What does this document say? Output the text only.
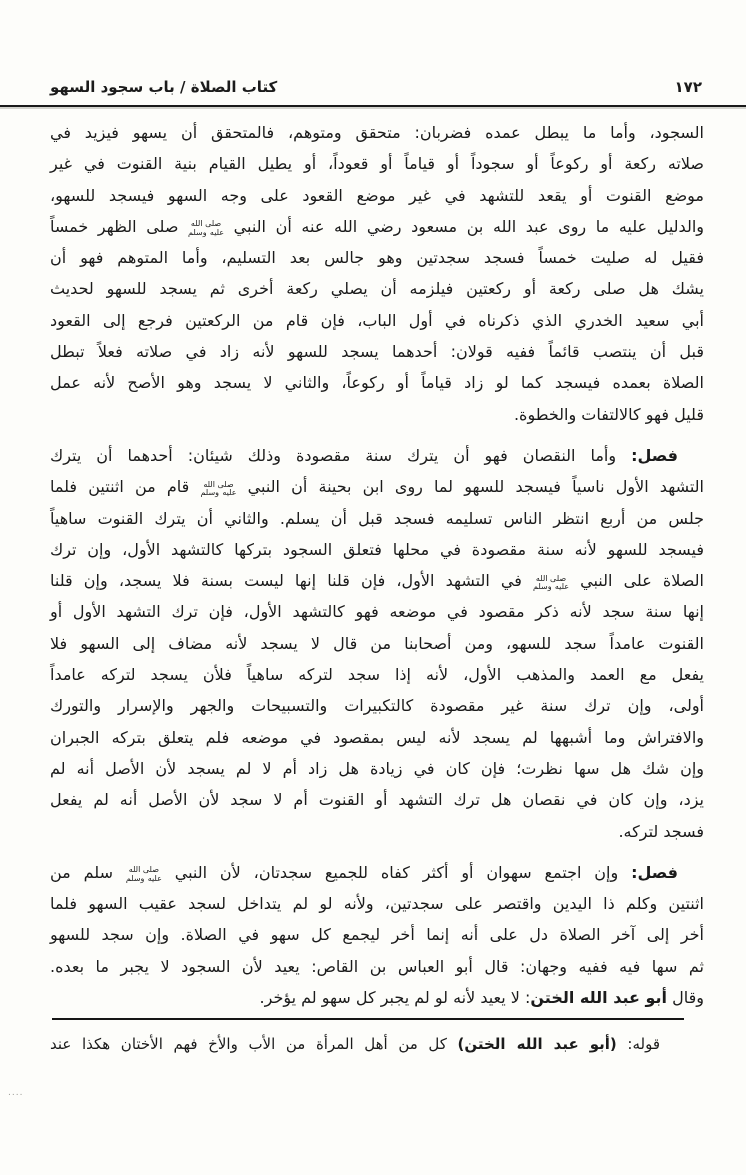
١٧٢
كتاب الصلاة / باب سجود السهو
السجود، وأما ما يبطل عمده فضربان: متحقق ومتوهم، فالمتحقق أن يسهو فيزيد في
صلاته ركعة أو ركوعاً أو سجوداً أو قياماً أو قعوداً، أو يطيل القيام بنية القنوت في غير
موضع القنوت أو يقعد للتشهد في غير موضع القعود على وجه السهو فيسجد للسهو،
والدليل عليه ما روى عبد الله بن مسعود رضي الله عنه أن النبي صلى الله عليه وسلم صلى الظهر خمساً
فقيل له صليت خمساً فسجد سجدتين وهو جالس بعد التسليم، وأما المتوهم فهو أن
يشك هل صلى ركعة أو ركعتين فيلزمه أن يصلي ركعة أخرى ثم يسجد للسهو لحديث
أبي سعيد الخدري الذي ذكرناه في أول الباب، فإن قام من الركعتين فرجع إلى القعود
قبل أن ينتصب قائماً ففيه قولان: أحدهما يسجد للسهو لأنه زاد في صلاته فعلاً تبطل
الصلاة بعمده فيسجد كما لو زاد قياماً أو ركوعاً، والثاني لا يسجد وهو الأصح لأنه عمل
قليل فهو كالالتفات والخطوة.
فصل: وأما النقصان فهو أن يترك سنة مقصودة وذلك شيئان: أحدهما أن يترك
التشهد الأول ناسياً فيسجد للسهو لما روى ابن بحينة أن النبي صلى الله عليه وسلم قام من اثنتين فلما
جلس من أربع انتظر الناس تسليمه فسجد قبل أن يسلم. والثاني أن يترك القنوت ساهياً
فيسجد للسهو لأنه سنة مقصودة في محلها فتعلق السجود بتركها كالتشهد الأول، وإن ترك
الصلاة على النبي صلى الله عليه وسلم في التشهد الأول، فإن قلنا إنها ليست بسنة فلا يسجد، وإن قلنا
إنها سنة سجد لأنه ذكر مقصود في موضعه فهو كالتشهد الأول، فإن ترك التشهد الأول أو
القنوت عامداً سجد للسهو، ومن أصحابنا من قال لا يسجد لأنه مضاف إلى السهو فلا
يفعل مع العمد والمذهب الأول، لأنه إذا سجد لتركه ساهياً فلأن يسجد لتركه عامداً
أولى، وإن ترك سنة غير مقصودة كالتكبيرات والتسبيحات والجهر والإسرار والتورك
والافتراش وما أشبهها لم يسجد لأنه ليس بمقصود في موضعه فلم يتعلق بتركه الجبران
وإن شك هل سها نظرت؛ فإن كان في زيادة هل زاد أم لا لم يسجد لأن الأصل أنه لم
يزد، وإن كان في نقصان هل ترك التشهد أو القنوت أم لا سجد لأن الأصل أنه لم يفعل
فسجد لتركه.
فصل: وإن اجتمع سهوان أو أكثر كفاه للجميع سجدتان، لأن النبي صلى الله عليه وسلم سلم من
اثنتين وكلم ذا اليدين واقتصر على سجدتين، ولأنه لو لم يتداخل لسجد عقيب السهو فلما
أخر إلى آخر الصلاة دل على أنه إنما أخر ليجمع كل سهو في الصلاة. وإن سجد للسهو
ثم سها فيه ففيه وجهان: قال أبو العباس بن القاص: يعيد لأن السجود لا يجبر ما بعده.
وقال أبو عبد الله الختن: لا يعيد لأنه لو لم يجبر كل سهو لم يؤخر.
قوله: (أبو عبد الله الختن) كل من أهل المرأة من الأب والأخ فهم الأختان هكذا عند
....
